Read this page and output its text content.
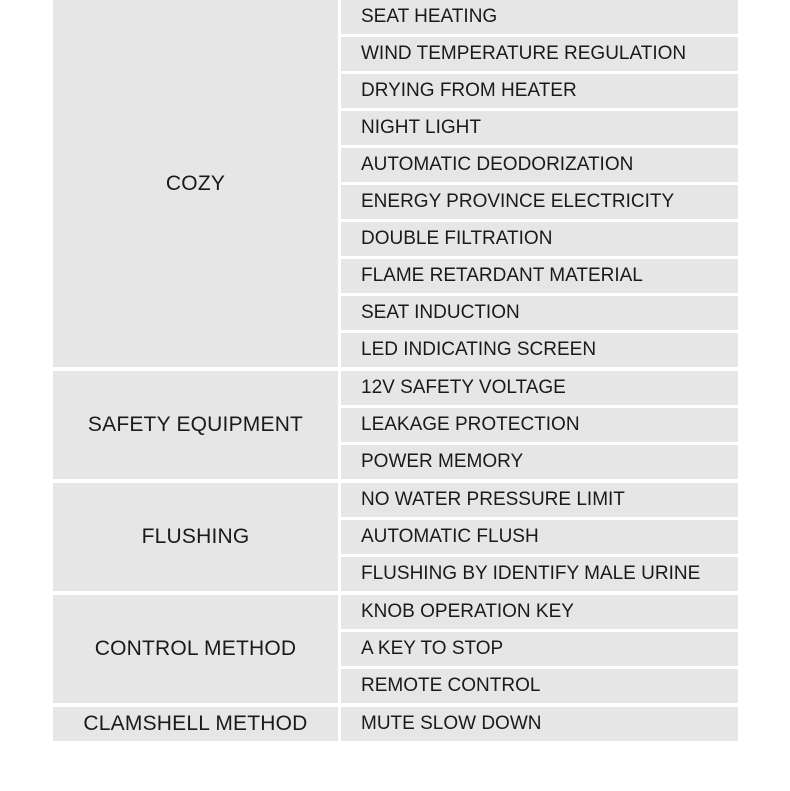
COZY
SEAT HEATING
WIND TEMPERATURE REGULATION
DRYING FROM HEATER
NIGHT LIGHT
AUTOMATIC DEODORIZATION
ENERGY PROVINCE ELECTRICITY
DOUBLE FILTRATION
FLAME RETARDANT MATERIAL
SEAT INDUCTION
LED INDICATING SCREEN
SAFETY EQUIPMENT
12V SAFETY VOLTAGE
LEAKAGE PROTECTION
POWER MEMORY
FLUSHING
NO WATER PRESSURE LIMIT
AUTOMATIC FLUSH
FLUSHING BY IDENTIFY MALE URINE
CONTROL METHOD
KNOB OPERATION KEY
A KEY TO STOP
REMOTE CONTROL
CLAMSHELL METHOD	MUTE SLOW DOWN
